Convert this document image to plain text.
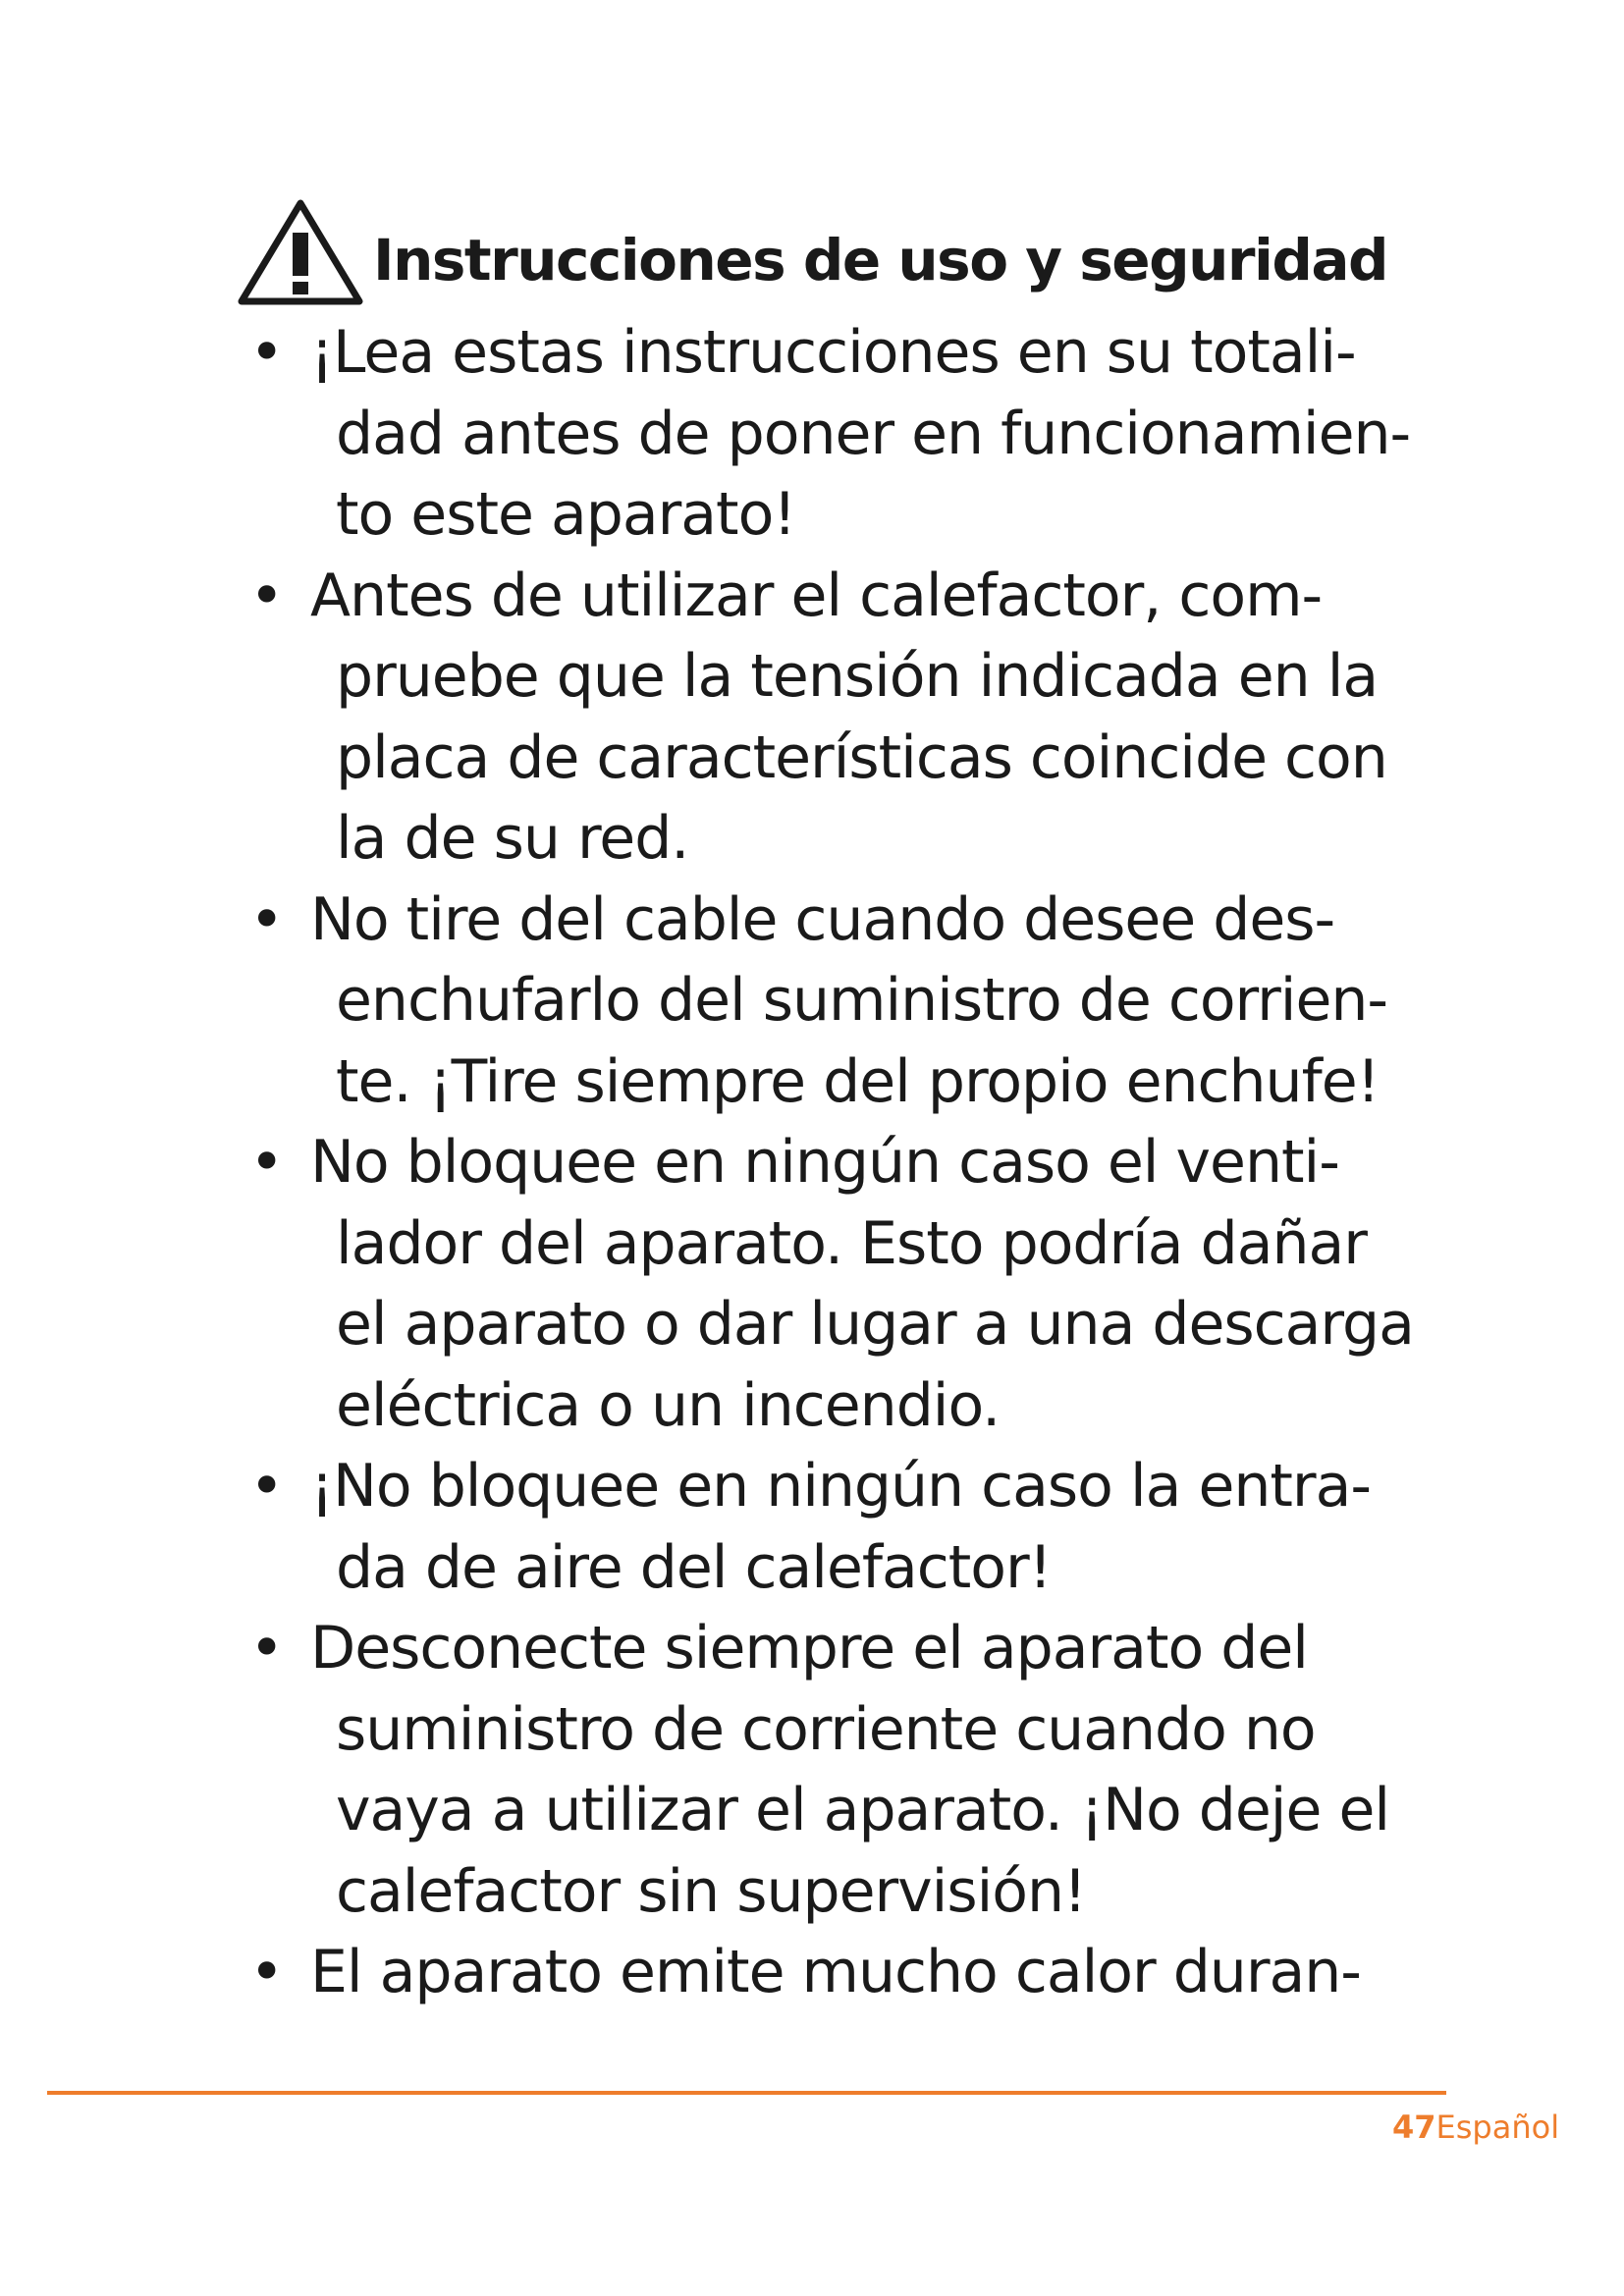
Instrucciones de uso y seguridad
• ¡Lea estas instrucciones en su totali-
dad antes de poner en funcionamien-
to este aparato!
• Antes de utilizar el calefactor, com-
pruebe que la tensión indicada en la
placa de características coincide con
la de su red.
• No tire del cable cuando desee des-
enchufarlo del suministro de corrien-
te. ¡Tire siempre del propio enchufe!
• No bloquee en ningún caso el venti-
lador del aparato. Esto podría dañar
el aparato o dar lugar a una descarga
eléctrica o un incendio.
• ¡No bloquee en ningún caso la entra-
da de aire del calefactor!
• Desconecte siempre el aparato del
suministro de corriente cuando no
vaya a utilizar el aparato. ¡No deje el
calefactor sin supervisión!
• El aparato emite mucho calor duran-
47Español
